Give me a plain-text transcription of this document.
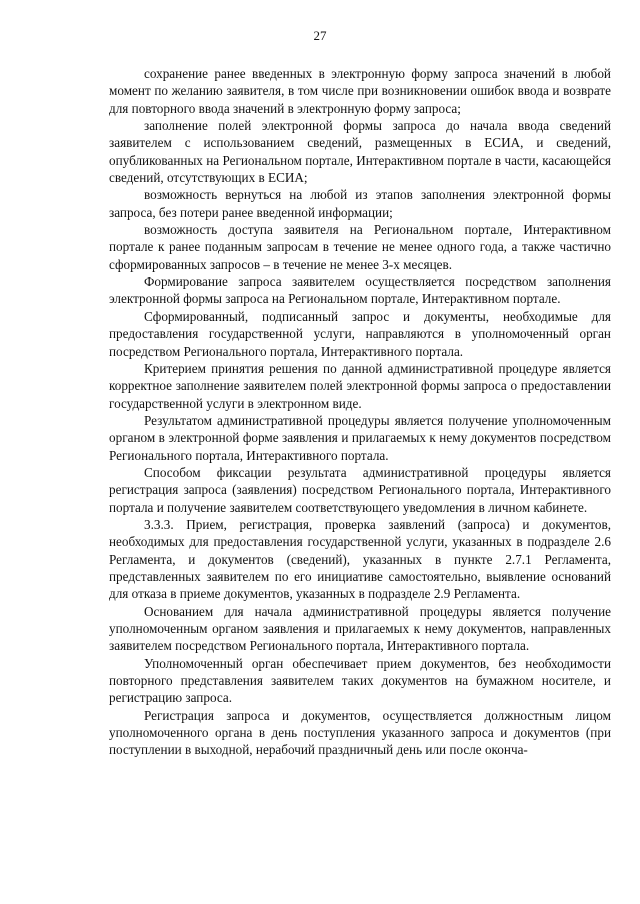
27

сохранение ранее введенных в электронную форму запроса значений в любой момент по желанию заявителя, в том числе при возникновении ошибок ввода и возврате для повторного ввода значений в электронную форму запроса;

заполнение полей электронной формы запроса до начала ввода сведений заявителем с использованием сведений, размещенных в ЕСИА, и сведений, опубликованных на Региональном портале, Интерактивном портале в части, касающейся сведений, отсутствующих в ЕСИА;

возможность вернуться на любой из этапов заполнения электронной формы запроса, без потери ранее введенной информации;

возможность доступа заявителя на Региональном портале, Интерактивном портале к ранее поданным запросам в течение не менее одного года, а также частично сформированных запросов – в течение не менее 3-х месяцев.

Формирование запроса заявителем осуществляется посредством заполнения электронной формы запроса на Региональном портале, Интерактивном портале.

Сформированный, подписанный запрос и документы, необходимые для предоставления государственной услуги, направляются в уполномоченный орган посредством Регионального портала, Интерактивного портала.

Критерием принятия решения по данной административной процедуре является корректное заполнение заявителем полей электронной формы запроса о предоставлении государственной услуги в электронном виде.

Результатом административной процедуры является получение уполномоченным органом в электронной форме заявления и прилагаемых к нему документов посредством Регионального портала, Интерактивного портала.

Способом фиксации результата административной процедуры является регистрация запроса (заявления) посредством Регионального портала, Интерактивного портала и получение заявителем соответствующего уведомления в личном кабинете.

3.3.3. Прием, регистрация, проверка заявлений (запроса) и документов, необходимых для предоставления государственной услуги, указанных в подразделе 2.6 Регламента, и документов (сведений), указанных в пункте 2.7.1 Регламента, представленных заявителем по его инициативе самостоятельно, выявление оснований для отказа в приеме документов, указанных в подразделе 2.9 Регламента.

Основанием для начала административной процедуры является получение уполномоченным органом заявления и прилагаемых к нему документов, направленных заявителем посредством Регионального портала, Интерактивного портала.

Уполномоченный орган обеспечивает прием документов, без необходимости повторного представления заявителем таких документов на бумажном носителе, и регистрацию запроса.

Регистрация запроса и документов, осуществляется должностным лицом уполномоченного органа в день поступления указанного запроса и документов (при поступлении в выходной, нерабочий праздничный день или после оконча-
